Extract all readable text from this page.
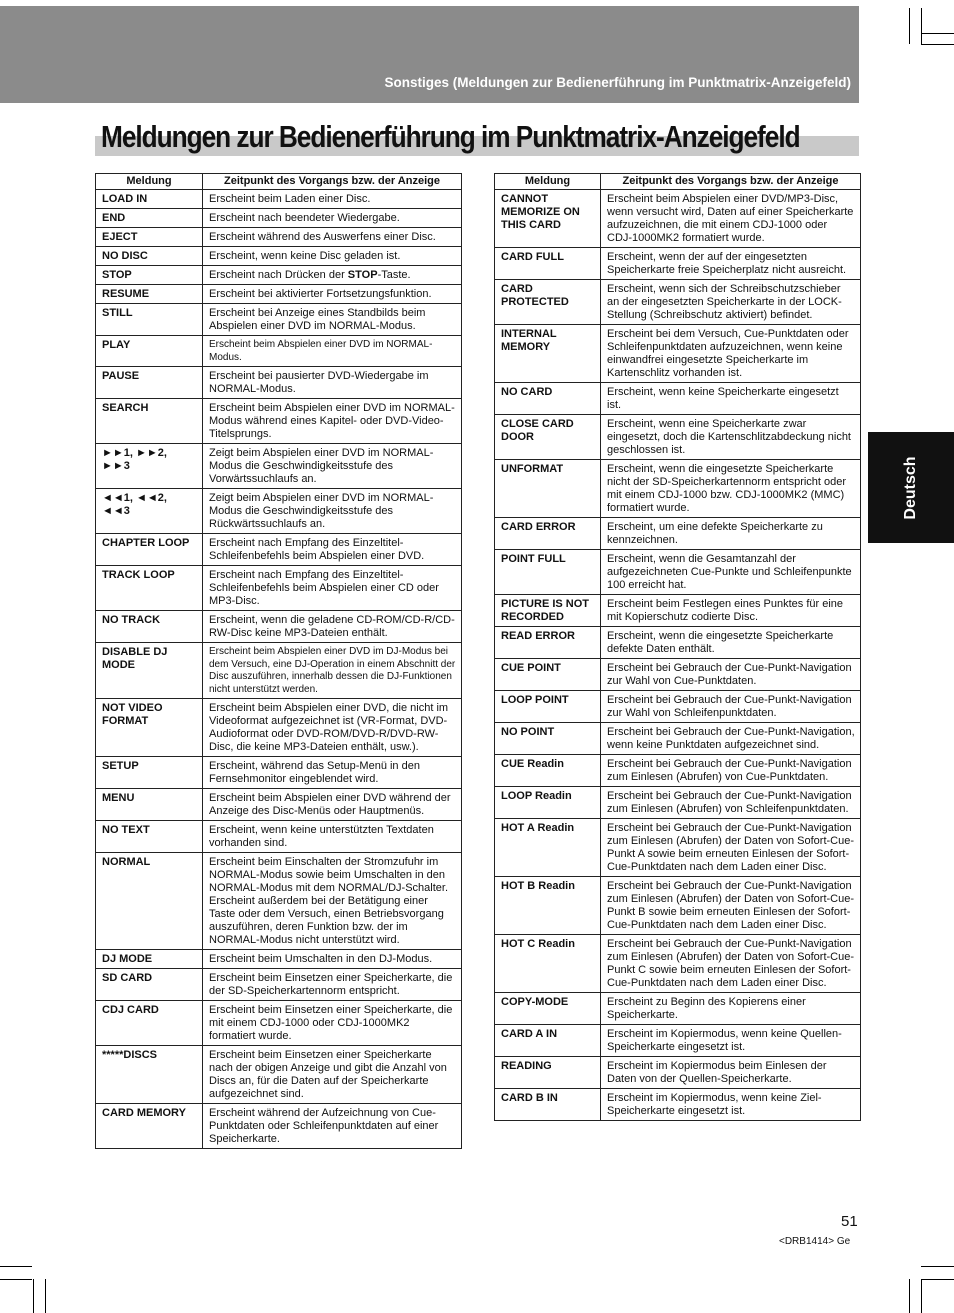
Sonstiges (Meldungen zur Bedienerführung im Punktmatrix-Anzeigefeld)
Meldungen zur Bedienerführung im Punktmatrix-Anzeigefeld
Meldung	Zeitpunkt des Vorgangs bzw. der Anzeige
LOAD IN	Erscheint beim Laden einer Disc.
END	Erscheint nach beendeter Wiedergabe.
EJECT	Erscheint während des Auswerfens einer Disc.
NO DISC	Erscheint, wenn keine Disc geladen ist.
STOP	Erscheint nach Drücken der STOP-Taste.
RESUME	Erscheint bei aktivierter Fortsetzungsfunktion.
STILL	Erscheint bei Anzeige eines Standbilds beim Abspielen einer DVD im NORMAL-Modus.
PLAY	Erscheint beim Abspielen einer DVD im NORMAL-Modus.
PAUSE	Erscheint bei pausierter DVD-Wiedergabe im NORMAL-Modus.
SEARCH	Erscheint beim Abspielen einer DVD im NORMAL-Modus während eines Kapitel- oder DVD-Video-Titelsprungs.
►►1, ►►2, ►►3	Zeigt beim Abspielen einer DVD im NORMAL-Modus die Geschwindigkeitsstufe des Vorwärtssuchlaufs an.
◄◄1, ◄◄2, ◄◄3	Zeigt beim Abspielen einer DVD im NORMAL-Modus die Geschwindigkeitsstufe des Rückwärtssuchlaufs an.
CHAPTER LOOP	Erscheint nach Empfang des Einzeltitel-Schleifenbefehls beim Abspielen einer DVD.
TRACK LOOP	Erscheint nach Empfang des Einzeltitel-Schleifenbefehls beim Abspielen einer CD oder MP3-Disc.
NO TRACK	Erscheint, wenn die geladene CD-ROM/CD-R/CD-RW-Disc keine MP3-Dateien enthält.
DISABLE DJ MODE	Erscheint beim Abspielen einer DVD im DJ-Modus bei dem Versuch, eine DJ-Operation in einem Abschnitt der Disc auszuführen, innerhalb dessen die DJ-Funktionen nicht unterstützt werden.
NOT VIDEO FORMAT	Erscheint beim Abspielen einer DVD, die nicht im Videoformat aufgezeichnet ist (VR-Format, DVD-Audioformat oder DVD-ROM/DVD-R/DVD-RW-Disc, die keine MP3-Dateien enthält, usw.).
SETUP	Erscheint, während das Setup-Menü in den Fernsehmonitor eingeblendet wird.
MENU	Erscheint beim Abspielen einer DVD während der Anzeige des Disc-Menüs oder Hauptmenüs.
NO TEXT	Erscheint, wenn keine unterstützten Textdaten vorhanden sind.
NORMAL	Erscheint beim Einschalten der Stromzufuhr im NORMAL-Modus sowie beim Umschalten in den NORMAL-Modus mit dem NORMAL/DJ-Schalter. Erscheint außerdem bei der Betätigung einer Taste oder dem Versuch, einen Betriebsvorgang auszuführen, deren Funktion bzw. der im NORMAL-Modus nicht unterstützt wird.
DJ MODE	Erscheint beim Umschalten in den DJ-Modus.
SD CARD	Erscheint beim Einsetzen einer Speicherkarte, die der SD-Speicherkartennorm entspricht.
CDJ CARD	Erscheint beim Einsetzen einer Speicherkarte, die mit einem CDJ-1000 oder CDJ-1000MK2 formatiert wurde.
*****DISCS	Erscheint beim Einsetzen einer Speicherkarte nach der obigen Anzeige und gibt die Anzahl von Discs an, für die Daten auf der Speicherkarte aufgezeichnet sind.
CARD MEMORY	Erscheint während der Aufzeichnung von Cue-Punktdaten oder Schleifenpunktdaten auf einer Speicherkarte.
Meldung	Zeitpunkt des Vorgangs bzw. der Anzeige
CANNOT MEMORIZE ON THIS CARD	Erscheint beim Abspielen einer DVD/MP3-Disc, wenn versucht wird, Daten auf einer Speicherkarte aufzuzeichnen, die mit einem CDJ-1000 oder CDJ-1000MK2 formatiert wurde.
CARD FULL	Erscheint, wenn der auf der eingesetzten Speicherkarte freie Speicherplatz nicht ausreicht.
CARD PROTECTED	Erscheint, wenn sich der Schreibschutzschieber an der eingesetzten Speicherkarte in der LOCK-Stellung (Schreibschutz aktiviert) befindet.
INTERNAL MEMORY	Erscheint bei dem Versuch, Cue-Punktdaten oder Schleifenpunktdaten aufzuzeichnen, wenn keine einwandfrei eingesetzte Speicherkarte im Kartenschlitz vorhanden ist.
NO CARD	Erscheint, wenn keine Speicherkarte eingesetzt ist.
CLOSE CARD DOOR	Erscheint, wenn eine Speicherkarte zwar eingesetzt, doch die Kartenschlitzabdeckung nicht geschlossen ist.
UNFORMAT	Erscheint, wenn die eingesetzte Speicherkarte nicht der SD-Speicherkartennorm entspricht oder mit einem CDJ-1000 bzw. CDJ-1000MK2 (MMC) formatiert wurde.
CARD ERROR	Erscheint, um eine defekte Speicherkarte zu kennzeichnen.
POINT FULL	Erscheint, wenn die Gesamtanzahl der aufgezeichneten Cue-Punkte und Schleifenpunkte 100 erreicht hat.
PICTURE IS NOT RECORDED	Erscheint beim Festlegen eines Punktes für eine mit Kopierschutz codierte Disc.
READ ERROR	Erscheint, wenn die eingesetzte Speicherkarte defekte Daten enthält.
CUE POINT	Erscheint bei Gebrauch der Cue-Punkt-Navigation zur Wahl von Cue-Punktdaten.
LOOP POINT	Erscheint bei Gebrauch der Cue-Punkt-Navigation zur Wahl von Schleifenpunktdaten.
NO POINT	Erscheint bei Gebrauch der Cue-Punkt-Navigation, wenn keine Punktdaten aufgezeichnet sind.
CUE Readin	Erscheint bei Gebrauch der Cue-Punkt-Navigation zum Einlesen (Abrufen) von Cue-Punktdaten.
LOOP Readin	Erscheint bei Gebrauch der Cue-Punkt-Navigation zum Einlesen (Abrufen) von Schleifenpunktdaten.
HOT A Readin	Erscheint bei Gebrauch der Cue-Punkt-Navigation zum Einlesen (Abrufen) der Daten von Sofort-Cue-Punkt A sowie beim erneuten Einlesen der Sofort-Cue-Punktdaten nach dem Laden einer Disc.
HOT B Readin	Erscheint bei Gebrauch der Cue-Punkt-Navigation zum Einlesen (Abrufen) der Daten von Sofort-Cue-Punkt B sowie beim erneuten Einlesen der Sofort-Cue-Punktdaten nach dem Laden einer Disc.
HOT C Readin	Erscheint bei Gebrauch der Cue-Punkt-Navigation zum Einlesen (Abrufen) der Daten von Sofort-Cue-Punkt C sowie beim erneuten Einlesen der Sofort-Cue-Punktdaten nach dem Laden einer Disc.
COPY-MODE	Erscheint zu Beginn des Kopierens einer Speicherkarte.
CARD A IN	Erscheint im Kopiermodus, wenn keine Quellen-Speicherkarte eingesetzt ist.
READING	Erscheint im Kopiermodus beim Einlesen der Daten von der Quellen-Speicherkarte.
CARD B IN	Erscheint im Kopiermodus, wenn keine Ziel-Speicherkarte eingesetzt ist.
Deutsch
51
<DRB1414> Ge
